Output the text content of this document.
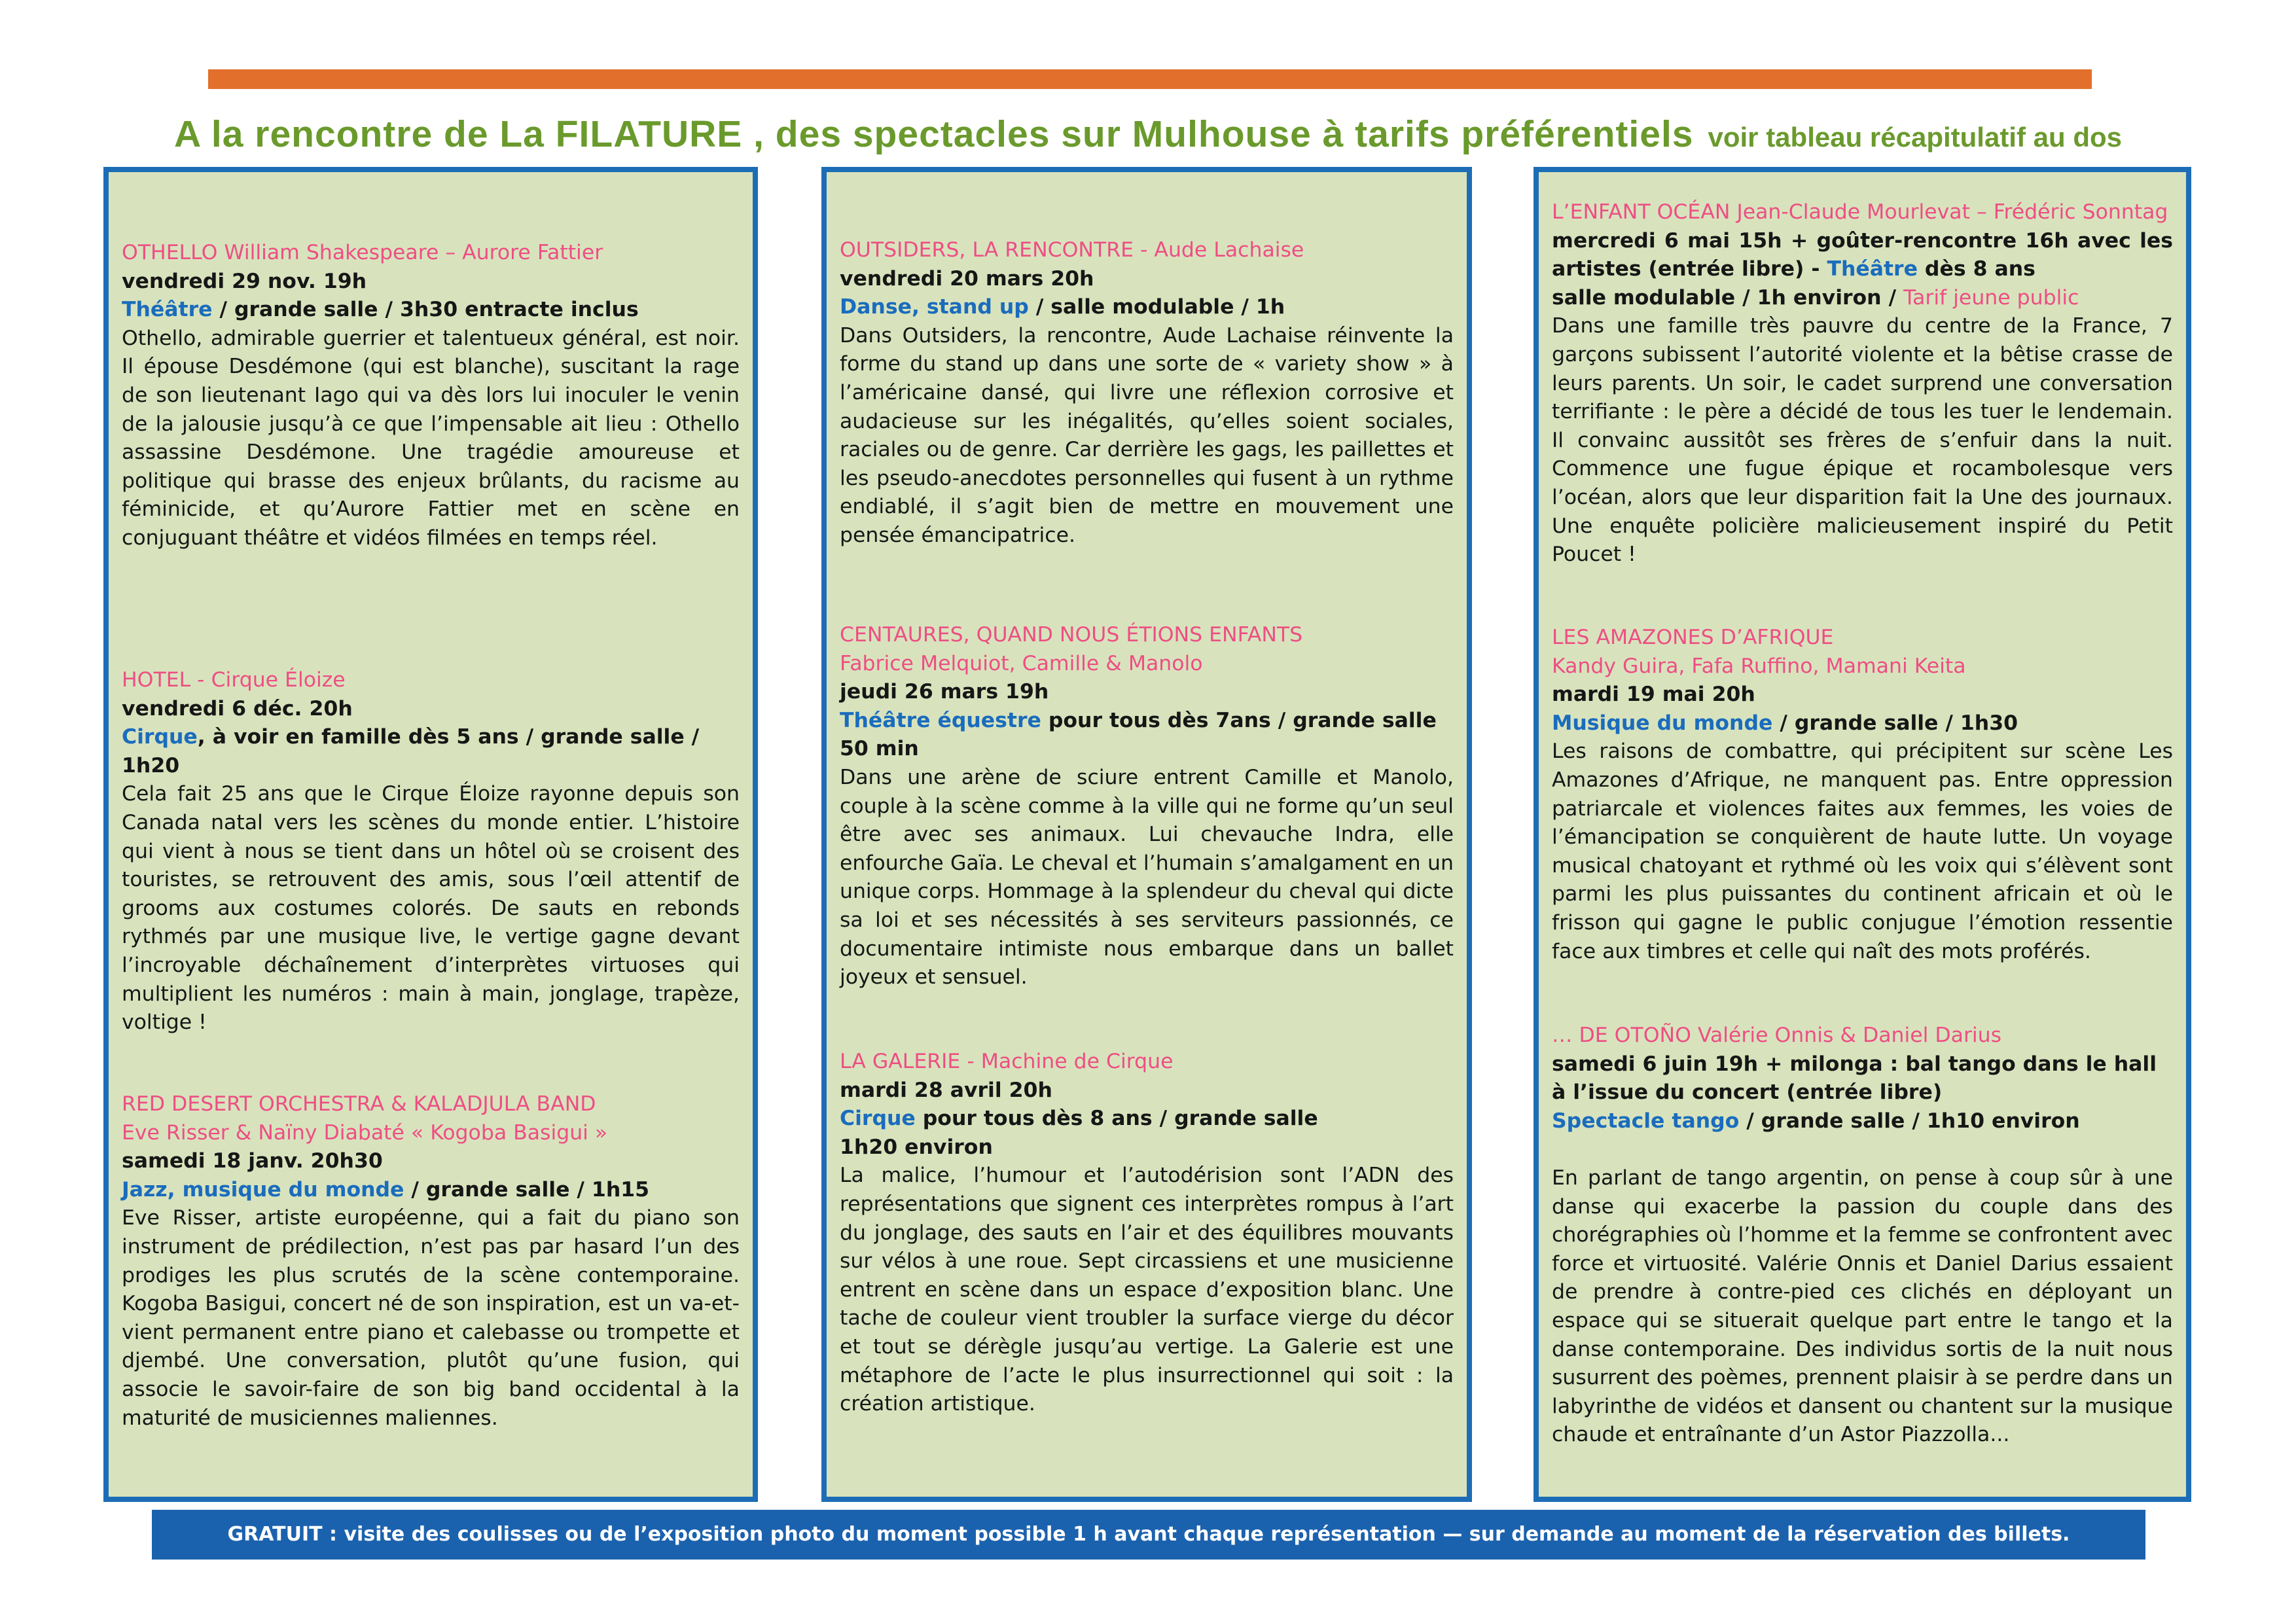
A la rencontre de La FILATURE , des spectacles sur Mulhouse à tarifs préférentiels voir tableau récapitulatif au dos
OTHELLO William Shakespeare – Aurore Fattier
vendredi 29 nov. 19h
Théâtre / grande salle / 3h30 entracte inclus
Othello, admirable guerrier et talentueux général, est noir. Il épouse Desdémone (qui est blanche), suscitant la rage de son lieutenant Iago qui va dès lors lui inoculer le venin de la jalousie jusqu’à ce que l’impensable ait lieu : Othello assassine Desdémone. Une tragédie amoureuse et politique qui brasse des enjeux brûlants, du racisme au féminicide, et qu’Aurore Fattier met en scène en conjuguant théâtre et vidéos filmées en temps réel.
HOTEL - Cirque Éloize
vendredi 6 déc. 20h
Cirque, à voir en famille dès 5 ans / grande salle / 1h20
Cela fait 25 ans que le Cirque Éloize rayonne depuis son Canada natal vers les scènes du monde entier. L’histoire qui vient à nous se tient dans un hôtel où se croisent des touristes, se retrouvent des amis, sous l’œil attentif de grooms aux costumes colorés. De sauts en rebonds rythmés par une musique live, le vertige gagne devant l’incroyable déchaînement d’interprètes virtuoses qui multiplient les numéros : main à main, jonglage, trapèze, voltige !
RED DESERT ORCHESTRA & KALADJULA BAND
Eve Risser & Naïny Diabaté « Kogoba Basigui »
samedi 18 janv. 20h30
Jazz, musique du monde / grande salle / 1h15
Eve Risser, artiste européenne, qui a fait du piano son instrument de prédilection, n’est pas par hasard l’un des prodiges les plus scrutés de la scène contemporaine. Kogoba Basigui, concert né de son inspiration, est un va-et-vient permanent entre piano et calebasse ou trompette et djembé. Une conversation, plutôt qu’une fusion, qui associe le savoir-faire de son big band occidental à la maturité de musiciennes maliennes.
OUTSIDERS, LA RENCONTRE - Aude Lachaise
vendredi 20 mars 20h
Danse, stand up / salle modulable / 1h
Dans Outsiders, la rencontre, Aude Lachaise réinvente la forme du stand up dans une sorte de « variety show » à l’américaine dansé, qui livre une réflexion corrosive et audacieuse sur les inégalités, qu’elles soient sociales, raciales ou de genre. Car derrière les gags, les paillettes et les pseudo-anecdotes personnelles qui fusent à un rythme endiablé, il s’agit bien de mettre en mouvement une pensée émancipatrice.
CENTAURES, QUAND NOUS ÉTIONS ENFANTS
Fabrice Melquiot, Camille & Manolo
jeudi 26 mars 19h
Théâtre équestre pour tous dès 7ans / grande salle
50 min
Dans une arène de sciure entrent Camille et Manolo, couple à la scène comme à la ville qui ne forme qu’un seul être avec ses animaux. Lui chevauche Indra, elle enfourche Gaïa. Le cheval et l’humain s’amalgament en un unique corps. Hommage à la splendeur du cheval qui dicte sa loi et ses nécessités à ses serviteurs passionnés, ce documentaire intimiste nous embarque dans un ballet joyeux et sensuel.
LA GALERIE - Machine de Cirque
mardi 28 avril 20h
Cirque pour tous dès 8 ans / grande salle
1h20 environ
La malice, l’humour et l’autodérision sont l’ADN des représentations que signent ces interprètes rompus à l’art du jonglage, des sauts en l’air et des équilibres mouvants sur vélos à une roue. Sept circassiens et une musicienne entrent en scène dans un espace d’exposition blanc. Une tache de couleur vient troubler la surface vierge du décor et tout se dérègle jusqu’au vertige. La Galerie est une métaphore de l’acte le plus insurrectionnel qui soit : la création artistique.
L’ENFANT OCÉAN Jean-Claude Mourlevat – Frédéric Sonntag
mercredi 6 mai 15h + goûter-rencontre 16h avec les artistes (entrée libre) - Théâtre dès 8 ans
salle modulable / 1h environ / Tarif jeune public
Dans une famille très pauvre du centre de la France, 7 garçons subissent l’autorité violente et la bêtise crasse de leurs parents. Un soir, le cadet surprend une conversation terrifiante : le père a décidé de tous les tuer le lendemain. Il convainc aussitôt ses frères de s’enfuir dans la nuit. Commence une fugue épique et rocambolesque vers l’océan, alors que leur disparition fait la Une des journaux. Une enquête policière malicieusement inspiré du Petit Poucet !
LES AMAZONES D’AFRIQUE
Kandy Guira, Fafa Ruffino, Mamani Keita
mardi 19 mai 20h
Musique du monde / grande salle / 1h30
Les raisons de combattre, qui précipitent sur scène Les Amazones d’Afrique, ne manquent pas. Entre oppression patriarcale et violences faites aux femmes, les voies de l’émancipation se conquièrent de haute lutte. Un voyage musical chatoyant et rythmé où les voix qui s’élèvent sont parmi les plus puissantes du continent africain et où le frisson qui gagne le public conjugue l’émotion ressentie face aux timbres et celle qui naît des mots proférés.
… DE OTOÑO Valérie Onnis & Daniel Darius
samedi 6 juin 19h + milonga : bal tango dans le hall à l’issue du concert (entrée libre)
Spectacle tango / grande salle / 1h10 environ
En parlant de tango argentin, on pense à coup sûr à une danse qui exacerbe la passion du couple dans des chorégraphies où l’homme et la femme se confrontent avec force et virtuosité. Valérie Onnis et Daniel Darius essaient de prendre à contre-pied ces clichés en déployant un espace qui se situerait quelque part entre le tango et la danse contemporaine. Des individus sortis de la nuit nous susurrent des poèmes, prennent plaisir à se perdre dans un labyrinthe de vidéos et dansent ou chantent sur la musique chaude et entraînante d’un Astor Piazzolla...
GRATUIT : visite des coulisses ou de l’exposition photo du moment possible 1 h avant chaque représentation — sur demande au moment de la réservation des billets.
